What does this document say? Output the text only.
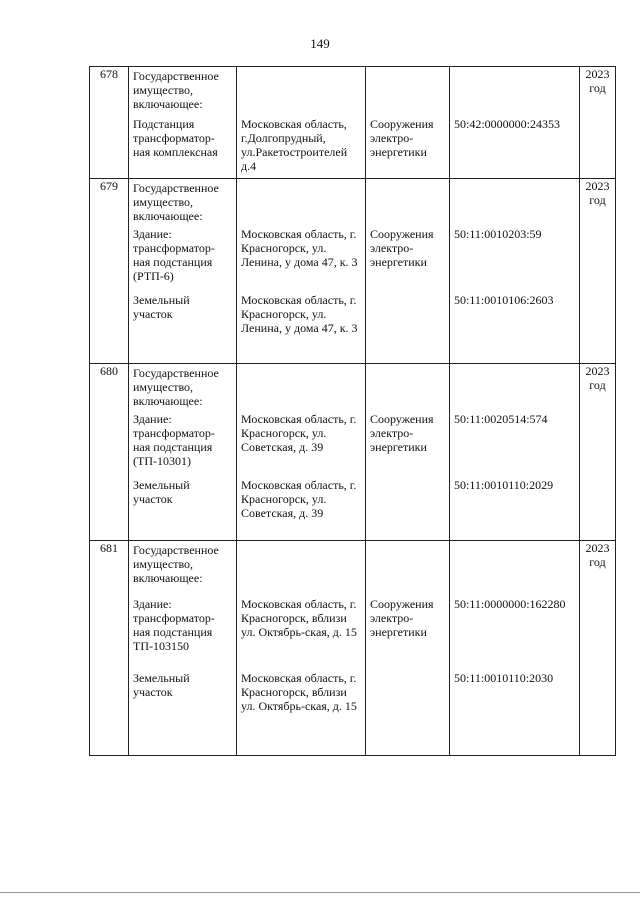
149
678	Государственное имущество, включающее:				2023 год
	Подстанция трансформатор-ная комплексная	Московская область, г.Долгопрудный, ул.Ракетостроителей д.4	Сооружения электро-энергетики	50:42:0000000:24353	
679	Государственное имущество, включающее:				2023 год
	Здание: трансформатор-ная подстанция (РТП-6)	Московская область, г. Красногорск, ул. Ленина, у дома 47, к. 3	Сооружения электро-энергетики	50:11:0010203:59	
	Земельный участок	Московская область, г. Красногорск, ул. Ленина, у дома 47, к. 3		50:11:0010106:2603	
680	Государственное имущество, включающее:				2023 год
	Здание: трансформатор-ная подстанция (ТП-10301)	Московская область, г. Красногорск, ул. Советская, д. 39	Сооружения электро-энергетики	50:11:0020514:574	
	Земельный участок	Московская область, г. Красногорск, ул. Советская, д. 39		50:11:0010110:2029	
681	Государственное имущество, включающее:				2023 год
	Здание: трансформатор-ная подстанция ТП-103150	Московская область, г. Красногорск, вблизи ул. Октябрь-ская, д. 15	Сооружения электро-энергетики	50:11:0000000:162280	
	Земельный участок	Московская область, г. Красногорск, вблизи ул. Октябрь-ская, д. 15		50:11:0010110:2030	
